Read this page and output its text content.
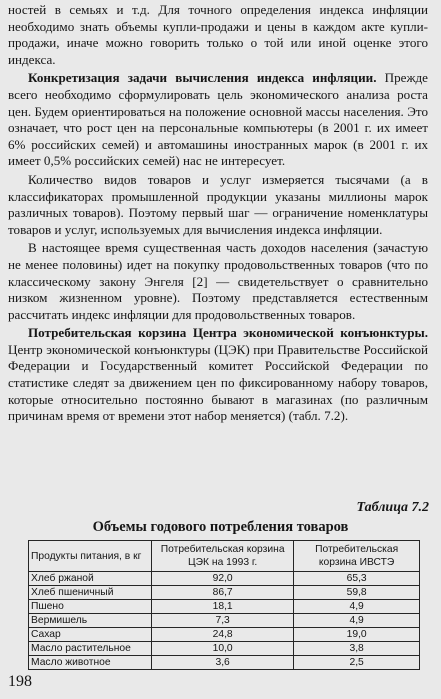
ностей в семьях и т.д. Для точного определения индекса инфляции необходимо знать объемы купли-продажи и цены в каждом акте купли-продажи, иначе можно говорить только о той или иной оценке этого индекса.

Конкретизация задачи вычисления индекса инфляции. Прежде всего необходимо сформулировать цель экономического анализа роста цен. Будем ориентироваться на положение основной массы населения. Это означает, что рост цен на персональные компьютеры (в 2001 г. их имеет 6% российских семей) и автомашины иностранных марок (в 2001 г. их имеет 0,5% российских семей) нас не интересует.

Количество видов товаров и услуг измеряется тысячами (а в классификаторах промышленной продукции указаны миллионы марок различных товаров). Поэтому первый шаг — ограничение номенклатуры товаров и услуг, используемых для вычисления индекса инфляции.

В настоящее время существенная часть доходов населения (зачастую не менее половины) идет на покупку продовольственных товаров (что по классическому закону Энгеля [2] — свидетельствует о сравнительно низком жизненном уровне). Поэтому представляется естественным рассчитать индекс инфляции для продовольственных товаров.

Потребительская корзина Центра экономической конъюнктуры. Центр экономической конъюнктуры (ЦЭК) при Правительстве Российской Федерации и Государственный комитет Российской Федерации по статистике следят за движением цен по фиксированному набору товаров, которые относительно постоянно бывают в магазинах (по различным причинам время от времени этот набор меняется) (табл. 7.2).

Таблица 7.2
Объемы годового потребления товаров
Продукты питания, в кг	Потребительская корзина ЦЭК на 1993 г.	Потребительская корзина ИВСТЭ
Хлеб ржаной	92,0	65,3
Хлеб пшеничный	86,7	59,8
Пшено	18,1	4,9
Вермишель	7,3	4,9
Сахар	24,8	19,0
Масло растительное	10,0	3,8
Масло животное	3,6	2,5
198
